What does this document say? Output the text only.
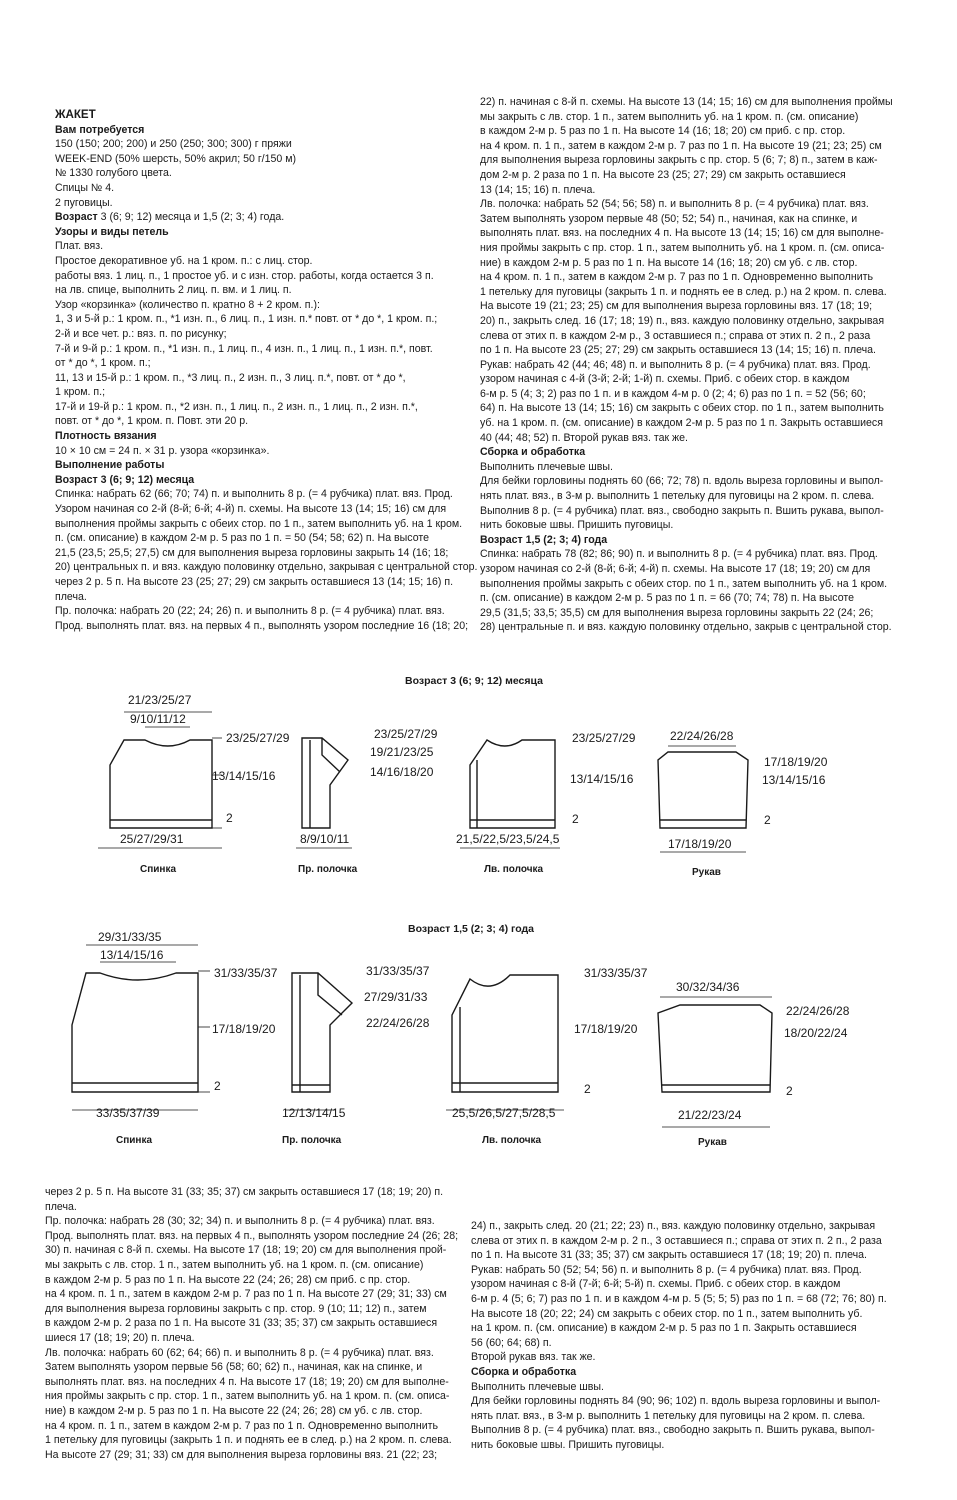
ЖАКЕТ
Вам потребуется
150 (150; 200; 200) и 250 (250; 300; 300) г пряжи
WEEK-END (50% шерсть, 50% акрил; 50 г/150 м)
№ 1330 голубого цвета.
Спицы № 4.
2 пуговицы.
Возраст 3 (6; 9; 12) месяца и 1,5 (2; 3; 4) года.
Узоры и виды петель
Плат. вяз.
Простое декоративное уб. на 1 кром. п.: с лиц. стор.
работы вяз. 1 лиц. п., 1 простое уб. и с изн. стор. работы, когда остается 3 п.
на лв. спице, выполнить 2 лиц. п. вм. и 1 лиц. п.
Узор «корзинка» (количество п. кратно 8 + 2 кром. п.):
1, 3 и 5-й р.: 1 кром. п., *1 изн. п., 6 лиц. п., 1 изн. п.* повт. от * до *, 1 кром. п.;
2-й и все чет. р.: вяз. п. по рисунку;
7-й и 9-й р.: 1 кром. п., *1 изн. п., 1 лиц. п., 4 изн. п., 1 лиц. п., 1 изн. п.*, повт.
от * до *, 1 кром. п.;
11, 13 и 15-й р.: 1 кром. п., *3 лиц. п., 2 изн. п., 3 лиц. п.*, повт. от * до *,
1 кром. п.;
17-й и 19-й р.: 1 кром. п., *2 изн. п., 1 лиц. п., 2 изн. п., 1 лиц. п., 2 изн. п.*,
повт. от * до *, 1 кром. п. Повт. эти 20 р.
Плотность вязания
10 × 10 см = 24 п. × 31 р. узора «корзинка».
Выполнение работы
Возраст 3 (6; 9; 12) месяца
Спинка: набрать 62 (66; 70; 74) п. и выполнить 8 р. (= 4 рубчика) плат. вяз. Прод.
Узором начиная со 2-й (8-й; 6-й; 4-й) п. схемы. На высоте 13 (14; 15; 16) см для
выполнения проймы закрыть с обеих стор. по 1 п., затем выполнить уб. на 1 кром.
п. (см. описание) в каждом 2-м р. 5 раз по 1 п. = 50 (54; 58; 62) п. На высоте
21,5 (23,5; 25,5; 27,5) см для выполнения выреза горловины закрыть 14 (16; 18;
20) центральных п. и вяз. каждую половинку отдельно, закрывая с центральной стор.
через 2 р. 5 п. На высоте 23 (25; 27; 29) см закрыть оставшиеся 13 (14; 15; 16) п.
плеча.
Пр. полочка: набрать 20 (22; 24; 26) п. и выполнить 8 р. (= 4 рубчика) плат. вяз.
Прод. выполнять плат. вяз. на первых 4 п., выполнять узором последние 16 (18; 20;
22) п. начиная с 8-й п. схемы. На высоте 13 (14; 15; 16) см для выполнения проймы
мы закрыть с лв. стор. 1 п., затем выполнить уб. на 1 кром. п. (см. описание)
в каждом 2-м р. 5 раз по 1 п. На высоте 14 (16; 18; 20) см приб. с пр. стор.
на 4 кром. п. 1 п., затем в каждом 2-м р. 7 раз по 1 п. На высоте 19 (21; 23; 25) см
для выполнения выреза горловины закрыть с пр. стор. 5 (6; 7; 8) п., затем в каж-
дом 2-м р. 2 раза по 1 п. На высоте 23 (25; 27; 29) см закрыть оставшиеся
13 (14; 15; 16) п. плеча.
Лв. полочка: набрать 52 (54; 56; 58) п. и выполнить 8 р. (= 4 рубчика) плат. вяз.
Затем выполнять узором первые 48 (50; 52; 54) п., начиная, как на спинке, и
выполнять плат. вяз. на последних 4 п. На высоте 13 (14; 15; 16) см для выполне-
ния проймы закрыть с пр. стор. 1 п., затем выполнить уб. на 1 кром. п. (см. описа-
ние) в каждом 2-м р. 5 раз по 1 п. На высоте 14 (16; 18; 20) см уб. с лв. стор.
на 4 кром. п. 1 п., затем в каждом 2-м р. 7 раз по 1 п. Одновременно выполнить
1 петельку для пуговицы (закрыть 1 п. и поднять ее в след. р.) на 2 кром. п. слева.
На высоте 19 (21; 23; 25) см для выполнения выреза горловины вяз. 17 (18; 19;
20) п., закрыть след. 16 (17; 18; 19) п., вяз. каждую половинку отдельно, закрывая
слева от этих п. в каждом 2-м р., 3 оставшиеся п.; справа от этих п. 2 п., 2 раза
по 1 п. На высоте 23 (25; 27; 29) см закрыть оставшиеся 13 (14; 15; 16) п. плеча.
Рукав: набрать 42 (44; 46; 48) п. и выполнить 8 р. (= 4 рубчика) плат. вяз. Прод.
узором начиная с 4-й (3-й; 2-й; 1-й) п. схемы. Приб. с обеих стор. в каждом
6-м р. 5 (4; 3; 2) раз по 1 п. и в каждом 4-м р. 0 (2; 4; 6) раз по 1 п. = 52 (56; 60;
64) п. На высоте 13 (14; 15; 16) см закрыть с обеих стор. по 1 п., затем выполнить
уб. на 1 кром. п. (см. описание) в каждом 2-м р. 5 раз по 1 п. Закрыть оставшиеся
40 (44; 48; 52) п. Второй рукав вяз. так же.
Сборка и обработка
Выполнить плечевые швы.
Для бейки горловины поднять 60 (66; 72; 78) п. вдоль выреза горловины и выпол-
нять плат. вяз., в 3-м р. выполнить 1 петельку для пуговицы на 2 кром. п. слева.
Выполнив 8 р. (= 4 рубчика) плат. вяз., свободно закрыть п. Вшить рукава, выпол-
нить боковые швы. Пришить пуговицы.
Возраст 1,5 (2; 3; 4) года
Спинка: набрать 78 (82; 86; 90) п. и выполнить 8 р. (= 4 рубчика) плат. вяз. Прод.
узором начиная со 2-й (8-й; 6-й; 4-й) п. схемы. На высоте 17 (18; 19; 20) см для
выполнения проймы закрыть с обеих стор. по 1 п., затем выполнить уб. на 1 кром.
п. (см. описание) в каждом 2-м р. 5 раз по 1 п. = 66 (70; 74; 78) п. На высоте
29,5 (31,5; 33,5; 35,5) см для выполнения выреза горловины закрыть 22 (24; 26;
28) центральные п. и вяз. каждую половинку отдельно, закрыв с центральной стор.
Возраст 3 (6; 9; 12) месяца
21/23/25/27
9/10/11/12
23/25/27/29
13/14/15/16
2
25/27/29/31
23/25/27/29
19/21/23/25
14/16/18/20
8/9/10/11
23/25/27/29
13/14/15/16
2
21,5/22,5/23,5/24,5
22/24/26/28
17/18/19/20
13/14/15/16
2
17/18/19/20
Спинка	Пр. полочка	Лв. полочка	Рукав
Возраст 1,5 (2; 3; 4) года
29/31/33/35
13/14/15/16
31/33/35/37
17/18/19/20
2
33/35/37/39
31/33/35/37
27/29/31/33
22/24/26/28
12/13/14/15
31/33/35/37
17/18/19/20
2
25,5/26,5/27,5/28,5
30/32/34/36
22/24/26/28
18/20/22/24
2
21/22/23/24
Спинка	Пр. полочка	Лв. полочка	Рукав
через 2 р. 5 п. На высоте 31 (33; 35; 37) см закрыть оставшиеся 17 (18; 19; 20) п.
плеча.
Пр. полочка: набрать 28 (30; 32; 34) п. и выполнить 8 р. (= 4 рубчика) плат. вяз.
Прод. выполнять плат. вяз. на первых 4 п., выполнять узором последние 24 (26; 28;
30) п. начиная с 8-й п. схемы. На высоте 17 (18; 19; 20) см для выполнения прой-
мы закрыть с лв. стор. 1 п., затем выполнить уб. на 1 кром. п. (см. описание)
в каждом 2-м р. 5 раз по 1 п. На высоте 22 (24; 26; 28) см приб. с пр. стор.
на 4 кром. п. 1 п., затем в каждом 2-м р. 7 раз по 1 п. На высоте 27 (29; 31; 33) см
для выполнения выреза горловины закрыть с пр. стор. 9 (10; 11; 12) п., затем
в каждом 2-м р. 2 раза по 1 п. На высоте 31 (33; 35; 37) см закрыть оставшиеся
шиеся 17 (18; 19; 20) п. плеча.
Лв. полочка: набрать 60 (62; 64; 66) п. и выполнить 8 р. (= 4 рубчика) плат. вяз.
Затем выполнять узором первые 56 (58; 60; 62) п., начиная, как на спинке, и
выполнять плат. вяз. на последних 4 п. На высоте 17 (18; 19; 20) см для выполне-
ния проймы закрыть с пр. стор. 1 п., затем выполнить уб. на 1 кром. п. (см. описа-
ние) в каждом 2-м р. 5 раз по 1 п. На высоте 22 (24; 26; 28) см уб. с лв. стор.
на 4 кром. п. 1 п., затем в каждом 2-м р. 7 раз по 1 п. Одновременно выполнить
1 петельку для пуговицы (закрыть 1 п. и поднять ее в след. р.) на 2 кром. п. слева.
На высоте 27 (29; 31; 33) см для выполнения выреза горловины вяз. 21 (22; 23;
24) п., закрыть след. 20 (21; 22; 23) п., вяз. каждую половинку отдельно, закрывая
слева от этих п. в каждом 2-м р. 2 п., 3 оставшиеся п.; справа от этих п. 2 п., 2 раза
по 1 п. На высоте 31 (33; 35; 37) см закрыть оставшиеся 17 (18; 19; 20) п. плеча.
Рукав: набрать 50 (52; 54; 56) п. и выполнить 8 р. (= 4 рубчика) плат. вяз. Прод.
узором начиная с 8-й (7-й; 6-й; 5-й) п. схемы. Приб. с обеих стор. в каждом
6-м р. 4 (5; 6; 7) раз по 1 п. и в каждом 4-м р. 5 (5; 5; 5) раз по 1 п. = 68 (72; 76; 80) п.
На высоте 18 (20; 22; 24) см закрыть с обеих стор. по 1 п., затем выполнить уб.
на 1 кром. п. (см. описание) в каждом 2-м р. 5 раз по 1 п. Закрыть оставшиеся
56 (60; 64; 68) п.
Второй рукав вяз. так же.
Сборка и обработка
Выполнить плечевые швы.
Для бейки горловины поднять 84 (90; 96; 102) п. вдоль выреза горловины и выпол-
нять плат. вяз., в 3-м р. выполнить 1 петельку для пуговицы на 2 кром. п. слева.
Выполнив 8 р. (= 4 рубчика) плат. вяз., свободно закрыть п. Вшить рукава, выпол-
нить боковые швы. Пришить пуговицы.
